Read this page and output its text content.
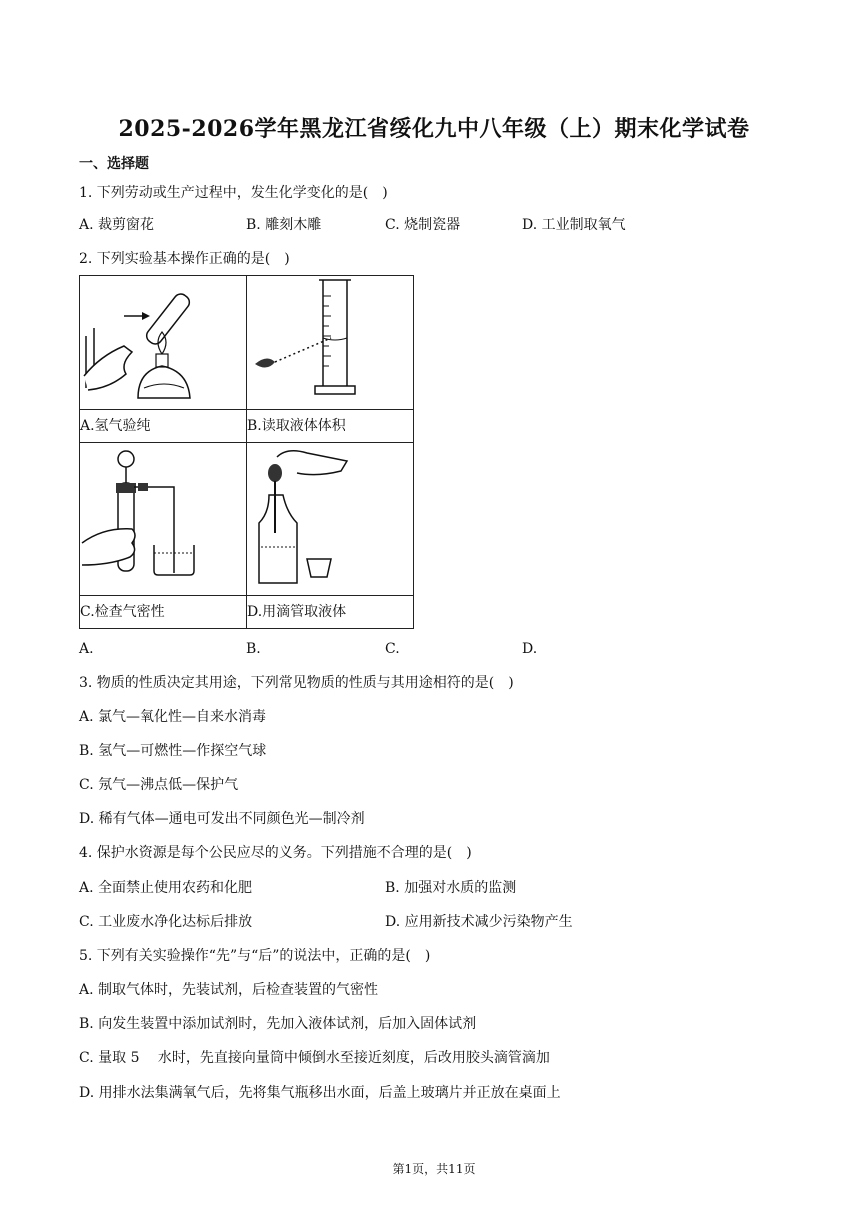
2025-2026学年黑龙江省绥化九中八年级（上）期末化学试卷
一、选择题
1. 下列劳动或生产过程中，发生化学变化的是(　)
A. 裁剪窗花	B. 雕刻木雕	C. 烧制瓷器	D. 工业制取氧气
2. 下列实验基本操作正确的是(　)

A.氢气验纯	B.读取液体体积

C.检查气密性	D.用滴管取液体
A.	B.	C.	D.
3. 物质的性质决定其用途，下列常见物质的性质与其用途相符的是(　)
A. 氯气—氧化性—自来水消毒
B. 氢气—可燃性—作探空气球
C. 氖气—沸点低—保护气
D. 稀有气体—通电可发出不同颜色光—制冷剂
4. 保护水资源是每个公民应尽的义务。下列措施不合理的是(　)
A. 全面禁止使用农药和化肥	B. 加强对水质的监测
C. 工业废水净化达标后排放	D. 应用新技术减少污染物产生
5. 下列有关实验操作“先”与“后”的说法中，正确的是(　)
A. 制取气体时，先装试剂，后检查装置的气密性
B. 向发生装置中添加试剂时，先加入液体试剂，后加入固体试剂
C. 量取 5　 水时，先直接向量筒中倾倒水至接近刻度，后改用胶头滴管滴加
D. 用排水法集满氧气后，先将集气瓶移出水面，后盖上玻璃片并正放在桌面上
第1页，共11页
